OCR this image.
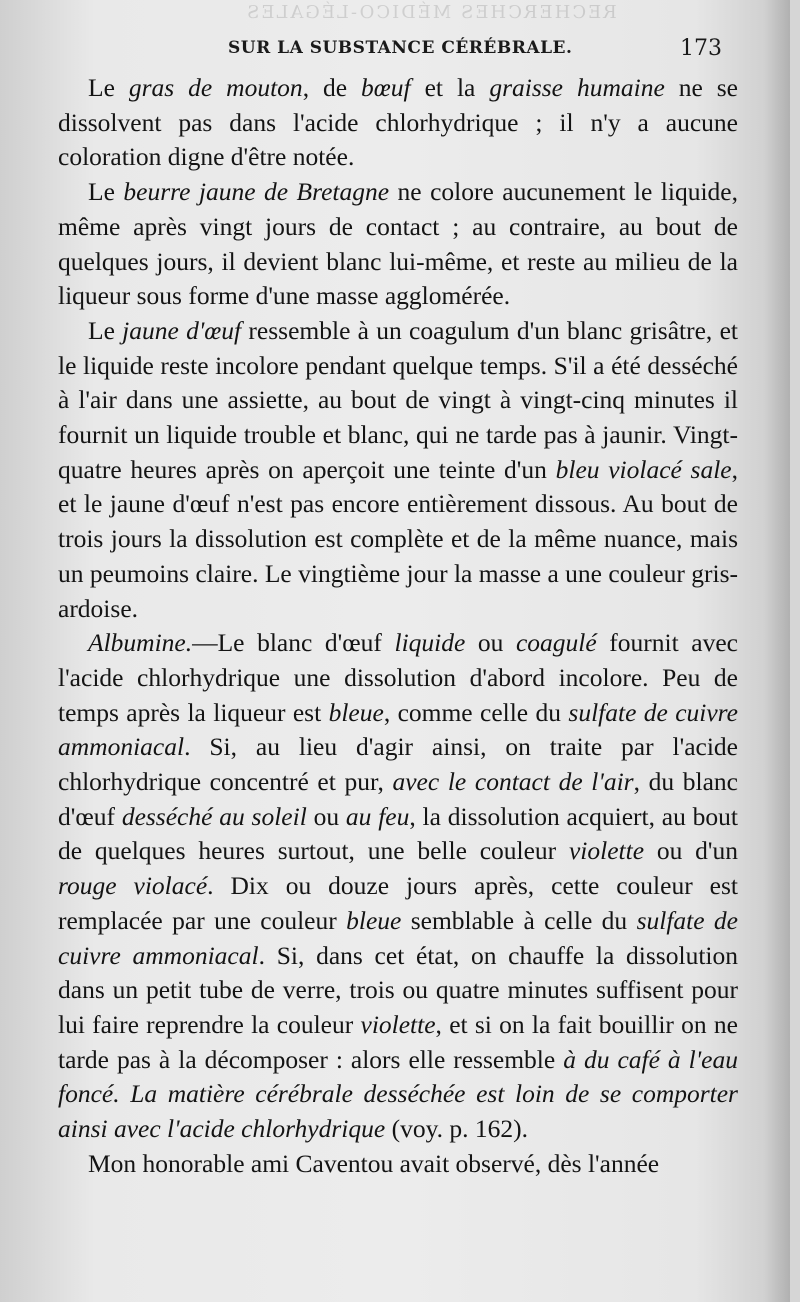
RECHERCHES MÉDICO-LÉGALES
SUR LA SUBSTANCE CÉRÉBRALE.	173

Le gras de mouton, de bœuf et la graisse humaine ne se dissolvent pas dans l'acide chlorhydrique ; il n'y a aucune coloration digne d'être notée.

Le beurre jaune de Bretagne ne colore aucunement le liquide, même après vingt jours de contact ; au contraire, au bout de quelques jours, il devient blanc lui-même, et reste au milieu de la liqueur sous forme d'une masse agglomérée.

Le jaune d'œuf ressemble à un coagulum d'un blanc grisâtre, et le liquide reste incolore pendant quelque temps. S'il a été desséché à l'air dans une assiette, au bout de vingt à vingt-cinq minutes il fournit un liquide trouble et blanc, qui ne tarde pas à jaunir. Vingt-quatre heures après on aperçoit une teinte d'un bleu violacé sale, et le jaune d'œuf n'est pas encore entièrement dissous. Au bout de trois jours la dissolution est complète et de la même nuance, mais un peumoins claire. Le vingtième jour la masse a une couleur gris-ardoise.

Albumine.—Le blanc d'œuf liquide ou coagulé fournit avec l'acide chlorhydrique une dissolution d'abord incolore. Peu de temps après la liqueur est bleue, comme celle du sulfate de cuivre ammoniacal. Si, au lieu d'agir ainsi, on traite par l'acide chlorhydrique concentré et pur, avec le contact de l'air, du blanc d'œuf desséché au soleil ou au feu, la dissolution acquiert, au bout de quelques heures surtout, une belle couleur violette ou d'un rouge violacé. Dix ou douze jours après, cette couleur est remplacée par une couleur bleue semblable à celle du sulfate de cuivre ammoniacal. Si, dans cet état, on chauffe la dissolution dans un petit tube de verre, trois ou quatre minutes suffisent pour lui faire reprendre la couleur violette, et si on la fait bouillir on ne tarde pas à la décomposer : alors elle ressemble à du café à l'eau foncé. La matière cérébrale desséchée est loin de se comporter ainsi avec l'acide chlorhydrique (voy. p. 162).

Mon honorable ami Caventou avait observé, dès l'année
